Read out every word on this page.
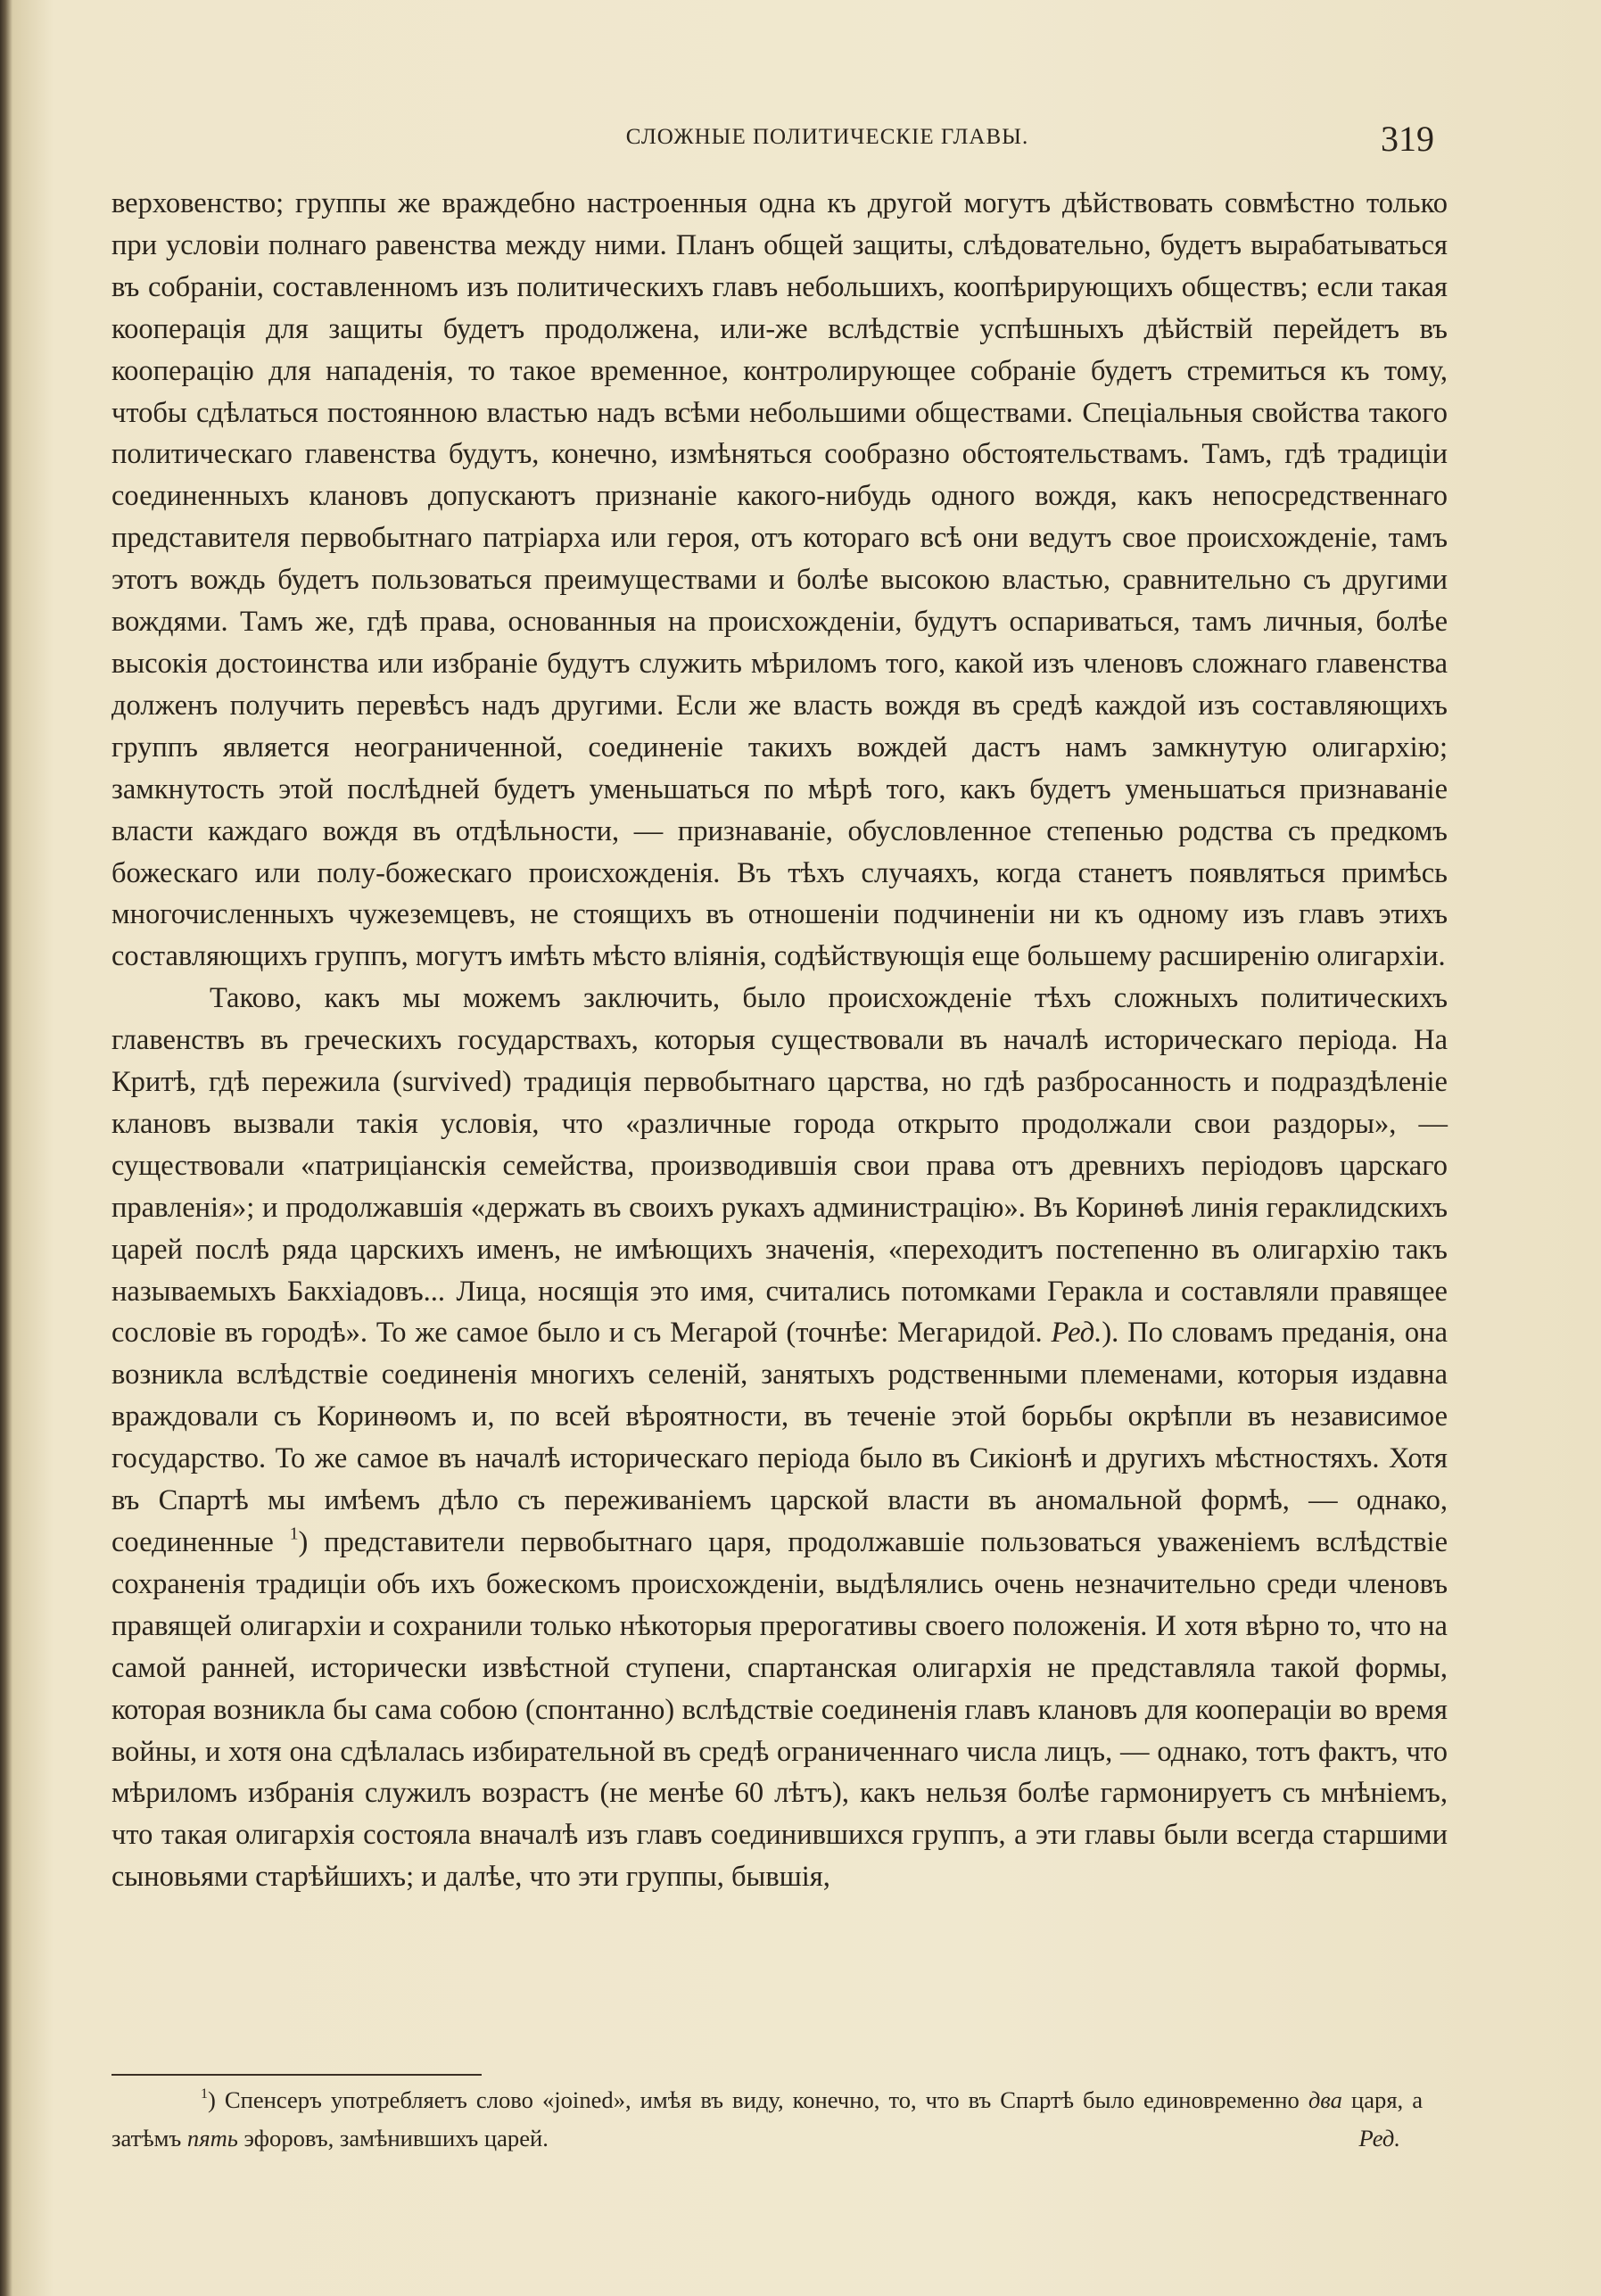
СЛОЖНЫЕ ПОЛИТИЧЕСКІЕ ГЛАВЫ.	319

верховенство; группы же враждебно настроенныя одна къ другой могутъ дѣйствовать совмѣстно только при условіи полнаго равенства между ними. Планъ общей защиты, слѣдовательно, будетъ вырабатываться въ собраніи, составленномъ изъ политическихъ главъ небольшихъ, коопѣрирующихъ обществъ; если такая кооперація для защиты будетъ продолжена, или-же вслѣдствіе успѣшныхъ дѣйствій перейдетъ въ кооперацію для нападенія, то такое временное, контролирующее собраніе будетъ стремиться къ тому, чтобы сдѣлаться постоянною властью надъ всѣми небольшими обществами. Спеціальныя свойства такого политическаго главенства будутъ, конечно, измѣняться сообразно обстоятельствамъ. Тамъ, гдѣ традиціи соединенныхъ клановъ допускаютъ признаніе какого-нибудь одного вождя, какъ непосредственнаго представителя первобытнаго патріарха или героя, отъ котораго всѣ они ведутъ свое происхожденіе, тамъ этотъ вождь будетъ пользоваться преимуществами и болѣе высокою властью, сравнительно съ другими вождями. Тамъ же, гдѣ права, основанныя на происхожденіи, будутъ оспариваться, тамъ личныя, болѣе высокія достоинства или избраніе будутъ служить мѣриломъ того, какой изъ членовъ сложнаго главенства долженъ получить перевѣсъ надъ другими. Если же власть вождя въ средѣ каждой изъ составляющихъ группъ является неограниченной, соединеніе такихъ вождей дастъ намъ замкнутую олигархію; замкнутость этой послѣдней будетъ уменьшаться по мѣрѣ того, какъ будетъ уменьшаться признаваніе власти каждаго вождя въ отдѣльности, — признаваніе, обусловленное степенью родства съ предкомъ божескаго или полу-божескаго происхожденія. Въ тѣхъ случаяхъ, когда станетъ появляться примѣсь многочисленныхъ чужеземцевъ, не стоящихъ въ отношеніи подчиненіи ни къ одному изъ главъ этихъ составляющихъ группъ, могутъ имѣть мѣсто вліянія, содѣйствующія еще большему расширенію олигархіи.

Таково, какъ мы можемъ заключить, было происхожденіе тѣхъ сложныхъ политическихъ главенствъ въ греческихъ государствахъ, которыя существовали въ началѣ историческаго періода. На Критѣ, гдѣ пережила (survived) традиція первобытнаго царства, но гдѣ разбросанность и подраздѣленіе клановъ вызвали такія условія, что «различные города открыто продолжали свои раздоры», — существовали «патриціанскія семейства, производившія свои права отъ древнихъ періодовъ царскаго правленія»; и продолжавшія «держать въ своихъ рукахъ администрацію». Въ Коринѳѣ линія гераклидскихъ царей послѣ ряда царскихъ именъ, не имѣющихъ значенія, «переходитъ постепенно въ олигархію такъ называемыхъ Бакхіадовъ... Лица, носящія это имя, считались потомками Геракла и составляли правящее сословіе въ городѣ». То же самое было и съ Мегарой (точнѣе: Мегаридой. Ред.). По словамъ преданія, она возникла вслѣдствіе соединенія многихъ селеній, занятыхъ родственными племенами, которыя издавна враждовали съ Коринѳомъ и, по всей вѣроятности, въ теченіе этой борьбы окрѣпли въ независимое государство. То же самое въ началѣ историческаго періода было въ Сикіонѣ и другихъ мѣстностяхъ. Хотя въ Спартѣ мы имѣемъ дѣло съ переживаніемъ царской власти въ аномальной формѣ, — однако, соединенные $^1$) представители первобытнаго царя, продолжавшіе пользоваться уваженіемъ вслѣдствіе сохраненія традиціи объ ихъ божескомъ происхожденіи, выдѣлялись очень незначительно среди членовъ правящей олигархіи и сохранили только нѣкоторыя прерогативы своего положенія. И хотя вѣрно то, что на самой ранней, исторически извѣстной ступени, спартанская олигархія не представляла такой формы, которая возникла бы сама собою (спонтанно) вслѣдствіе соединенія главъ клановъ для коопераціи во время войны, и хотя она сдѣлалась избирательной въ средѣ ограниченнаго числа лицъ, — однако, тотъ фактъ, что мѣриломъ избранія служилъ возрастъ (не менѣе 60 лѣтъ), какъ нельзя болѣе гармонируетъ съ мнѣніемъ, что такая олигархія состояла вначалѣ изъ главъ соединившихся группъ, а эти главы были всегда старшими сыновьями старѣйшихъ; и далѣе, что эти группы, бывшія,

$^1$) Спенсеръ употребляетъ слово «joined», имѣя въ виду, конечно, то, что въ Спартѣ было единовременно два царя, а затѣмъ пять эфоровъ, замѣнившихъ царей.	Ред.
